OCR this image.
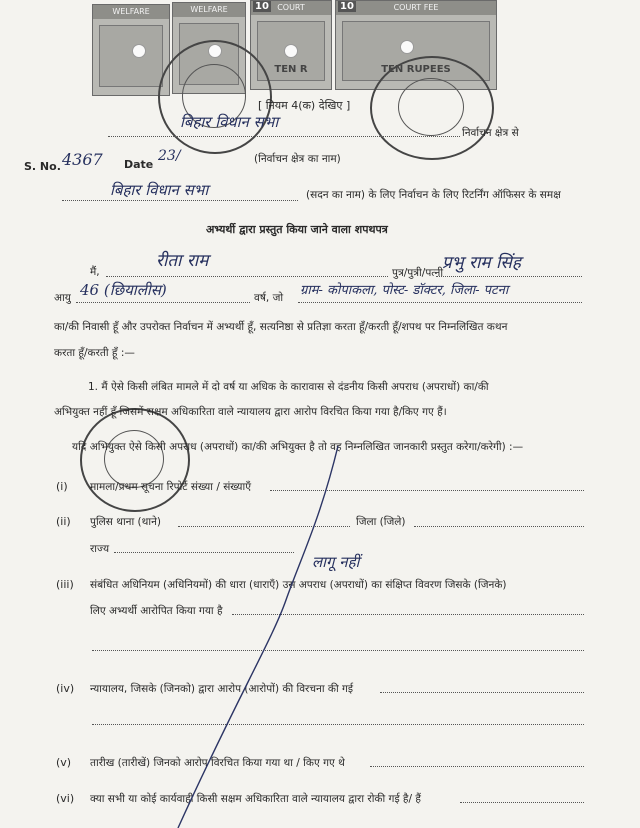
WELFARE	WELFARE	COURT
10
TEN R
COURT FEE
10
TEN RUPEES
[ नियम 4(क) देखिए ]
बिहार विधान सभा
निर्वाचन क्षेत्र से
S. No. 4367 Date
23/	(निर्वाचन क्षेत्र का नाम)
बिहार विधान सभा	(सदन का नाम) के लिए निर्वाचन के लिए रिटर्निंग ऑफिसर के समक्ष
अभ्यर्थी द्वारा प्रस्तुत किया जाने वाला शपथपत्र
मैं,
रीता राम
पुत्र/पुत्री/पत्नी
प्रभु राम सिंह
आयु 46 (छियालीस)	वर्ष, जो ग्राम- कोपाकला, पोस्ट- डॉक्टर, जिला- पटना
का/की निवासी हूँ और उपरोक्त निर्वाचन में अभ्यर्थी हूँ, सत्यनिष्ठा से प्रतिज्ञा करता हूँ/करती हूँ/शपथ पर निम्नलिखित कथन
करता हूँ/करती हूँ :—
1. मैं ऐसे किसी लंबित मामले में दो वर्ष या अधिक के कारावास से दंडनीय किसी अपराध (अपराधों) का/की
अभियुक्त नहीं हूँ जिसमें सक्षम अधिकारिता वाले न्यायालय द्वारा आरोप विरचित किया गया है/किए गए हैं।
यदि अभियुक्त ऐसे किसी अपराध (अपराधों) का/की अभियुक्त है तो वह निम्नलिखित जानकारी प्रस्तुत करेगा/करेगी) :—
(i) मामला/प्रथम सूचना रिपोर्ट संख्या / संख्याएँ
(ii) पुलिस थाना (थाने)	जिला (जिले)
राज्य
लागू नहीं
(iii) संबंधित अधिनियम (अधिनियमों) की धारा (धाराएँ) उस अपराध (अपराधों) का संक्षिप्त विवरण जिसके (जिनके)
लिए अभ्यर्थी आरोपित किया गया है
(iv) न्यायालय, जिसके (जिनको) द्वारा आरोप (आरोपों) की विरचना की गई
(v) तारीख (तारीखें) जिनको आरोप विरचित किया गया था / किए गए थे
(vi) क्या सभी या कोई कार्यवाही किसी सक्षम अधिकारिता वाले न्यायालय द्वारा रोकी गई है/ हैं
